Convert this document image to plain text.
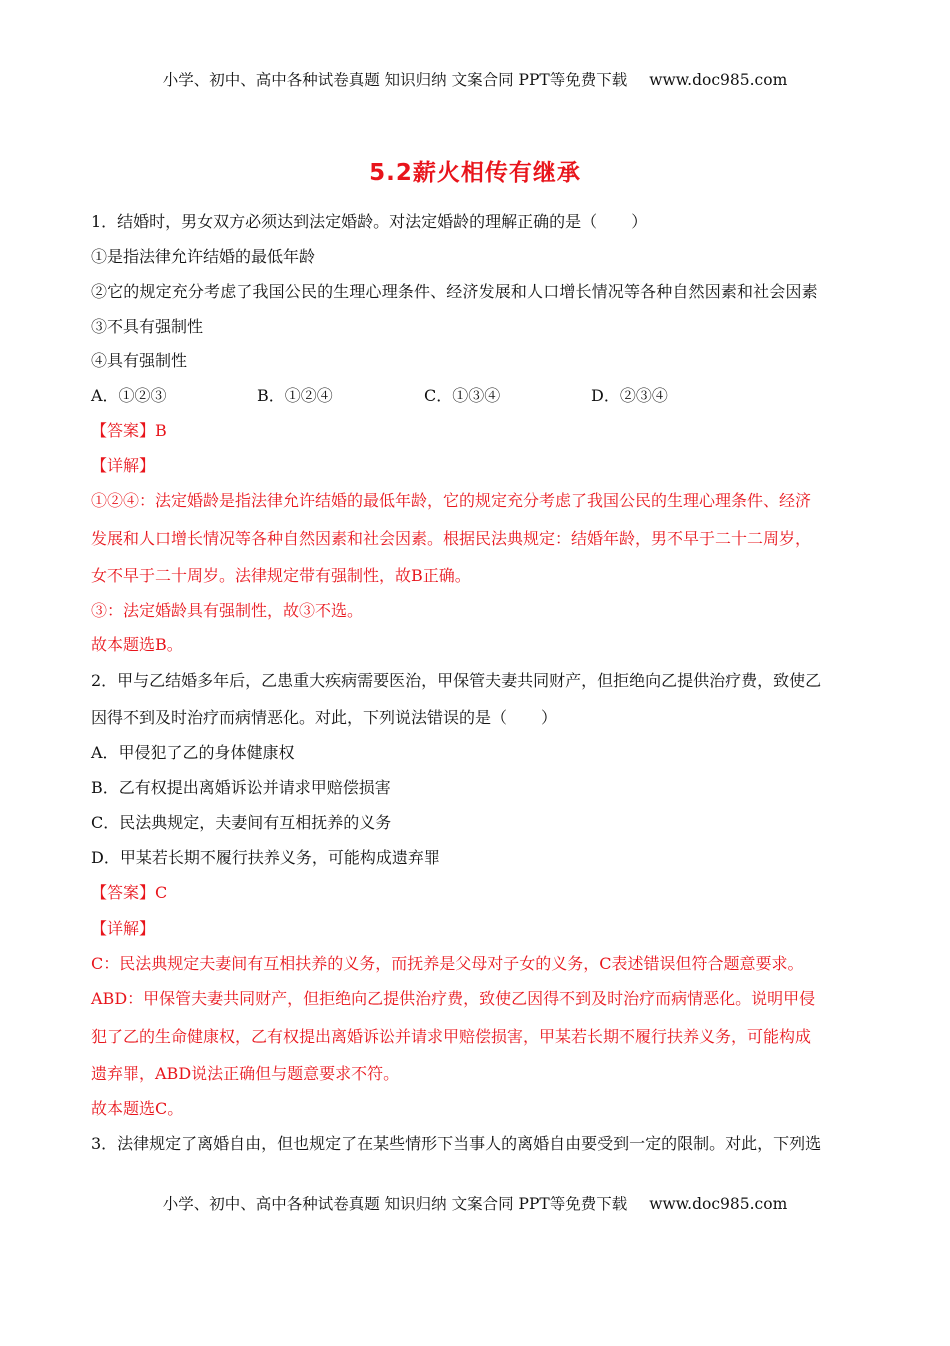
小学、初中、高中各种试卷真题 知识归纳 文案合同 PPT等免费下载 www.doc985.com
5.2薪火相传有继承
1．结婚时，男女双方必须达到法定婚龄。对法定婚龄的理解正确的是（ ）
①是指法律允许结婚的最低年龄
②它的规定充分考虑了我国公民的生理心理条件、经济发展和人口增长情况等各种自然因素和社会因素
③不具有强制性
④具有强制性
A．①②③	B．①②④	C．①③④	D．②③④
【答案】B
【详解】
①②④：法定婚龄是指法律允许结婚的最低年龄，它的规定充分考虑了我国公民的生理心理条件、经济
发展和人口增长情况等各种自然因素和社会因素。根据民法典规定：结婚年龄，男不早于二十二周岁，
女不早于二十周岁。法律规定带有强制性，故B正确。
③：法定婚龄具有强制性，故③不选。
故本题选B。
2．甲与乙结婚多年后，乙患重大疾病需要医治，甲保管夫妻共同财产，但拒绝向乙提供治疗费，致使乙
因得不到及时治疗而病情恶化。对此，下列说法错误的是（ ）
A．甲侵犯了乙的身体健康权
B．乙有权提出离婚诉讼并请求甲赔偿损害
C．民法典规定，夫妻间有互相抚养的义务
D．甲某若长期不履行扶养义务，可能构成遗弃罪
【答案】C
【详解】
C：民法典规定夫妻间有互相扶养的义务，而抚养是父母对子女的义务，C表述错误但符合题意要求。
ABD：甲保管夫妻共同财产，但拒绝向乙提供治疗费，致使乙因得不到及时治疗而病情恶化。说明甲侵
犯了乙的生命健康权，乙有权提出离婚诉讼并请求甲赔偿损害，甲某若长期不履行扶养义务，可能构成
遗弃罪，ABD说法正确但与题意要求不符。
故本题选C。
3．法律规定了离婚自由，但也规定了在某些情形下当事人的离婚自由要受到一定的限制。对此，下列选
小学、初中、高中各种试卷真题 知识归纳 文案合同 PPT等免费下载 www.doc985.com
